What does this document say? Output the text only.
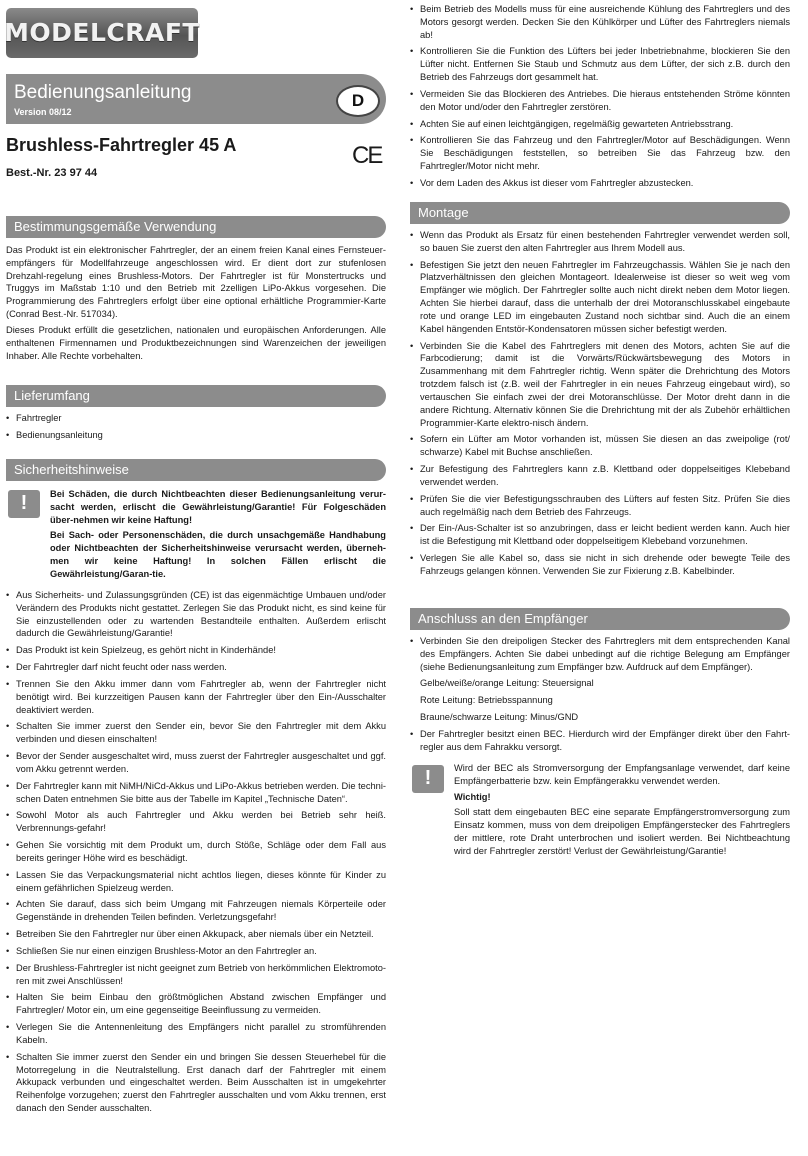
MODELCRAFT
Bedienungsanleitung
Version 08/12
D
Brushless-Fahrtregler 45 A	CE
Best.-Nr. 23 97 44
Bestimmungsgemäße Verwendung

Das Produkt ist ein elektronischer Fahrtregler, der an einem freien Kanal eines Fernsteuer-empfängers für Modellfahrzeuge angeschlossen wird. Er dient dort zur stufenlosen Drehzahl-regelung eines Brushless-Motors. Der Fahrtregler ist für Monstertrucks und Truggys im Maßstab 1:10 und den Betrieb mit 2zelligen LiPo-Akkus vorgesehen. Die Programmierung des Fahrtreglers erfolgt über eine optional erhältliche Programmier-Karte (Conrad Best.-Nr. 517034).

Dieses Produkt erfüllt die gesetzlichen, nationalen und europäischen Anforderungen. Alle enthaltenen Firmennamen und Produktbezeichnungen sind Warenzeichen der jeweiligen Inhaber. Alle Rechte vorbehalten.

Lieferumfang
• Fahrtregler
• Bedienungsanleitung
Sicherheitshinweise
!	Bei Schäden, die durch Nichtbeachten dieser Bedienungsanleitung verur-sacht werden, erlischt die Gewährleistung/Garantie! Für Folgeschäden über-nehmen wir keine Haftung!

Bei Sach- oder Personenschäden, die durch unsachgemäße Handhabung oder Nichtbeachten der Sicherheitshinweise verursacht werden, überneh-men wir keine Haftung! In solchen Fällen erlischt die Gewährleistung/Garan-tie.

• Aus Sicherheits- und Zulassungsgründen (CE) ist das eigenmächtige Umbauen und/oder Verändern des Produkts nicht gestattet. Zerlegen Sie das Produkt nicht, es sind keine für Sie einzustellenden oder zu wartenden Bestandteile enthalten. Außerdem erlischt dadurch die Gewährleistung/Garantie!
• Das Produkt ist kein Spielzeug, es gehört nicht in Kinderhände!
• Der Fahrtregler darf nicht feucht oder nass werden.
• Trennen Sie den Akku immer dann vom Fahrtregler ab, wenn der Fahrtregler nicht benötigt wird. Bei kurzzeitigen Pausen kann der Fahrtregler über den Ein-/Ausschalter deaktiviert werden.
• Schalten Sie immer zuerst den Sender ein, bevor Sie den Fahrtregler mit dem Akku verbinden und diesen einschalten!
• Bevor der Sender ausgeschaltet wird, muss zuerst der Fahrtregler ausgeschaltet und ggf. vom Akku getrennt werden.
• Der Fahrtregler kann mit NiMH/NiCd-Akkus und LiPo-Akkus betrieben werden. Die techni-schen Daten entnehmen Sie bitte aus der Tabelle im Kapitel „Technische Daten“.
• Sowohl Motor als auch Fahrtregler und Akku werden bei Betrieb sehr heiß. Verbrennungs-gefahr!
• Gehen Sie vorsichtig mit dem Produkt um, durch Stöße, Schläge oder dem Fall aus bereits geringer Höhe wird es beschädigt.
• Lassen Sie das Verpackungsmaterial nicht achtlos liegen, dieses könnte für Kinder zu einem gefährlichen Spielzeug werden.
• Achten Sie darauf, dass sich beim Umgang mit Fahrzeugen niemals Körperteile oder Gegenstände in drehenden Teilen befinden. Verletzungsgefahr!
• Betreiben Sie den Fahrtregler nur über einen Akkupack, aber niemals über ein Netzteil.
• Schließen Sie nur einen einzigen Brushless-Motor an den Fahrtregler an.
• Der Brushless-Fahrtregler ist nicht geeignet zum Betrieb von herkömmlichen Elektromoto-ren mit zwei Anschlüssen!
• Halten Sie beim Einbau den größtmöglichen Abstand zwischen Empfänger und Fahrtregler/ Motor ein, um eine gegenseitige Beeinflussung zu vermeiden.
• Verlegen Sie die Antennenleitung des Empfängers nicht parallel zu stromführenden Kabeln.
• Schalten Sie immer zuerst den Sender ein und bringen Sie dessen Steuerhebel für die Motorregelung in die Neutralstellung. Erst danach darf der Fahrtregler mit einem Akkupack verbunden und eingeschaltet werden. Beim Ausschalten ist in umgekehrter Reihenfolge vorzugehen; zuerst den Fahrtregler ausschalten und vom Akku trennen, erst danach den Sender ausschalten.
• Beim Betrieb des Modells muss für eine ausreichende Kühlung des Fahrtreglers und des Motors gesorgt werden. Decken Sie den Kühlkörper und Lüfter des Fahrtreglers niemals ab!
• Kontrollieren Sie die Funktion des Lüfters bei jeder Inbetriebnahme, blockieren Sie den Lüfter nicht. Entfernen Sie Staub und Schmutz aus dem Lüfter, der sich z.B. durch den Betrieb des Fahrzeugs dort gesammelt hat.
• Vermeiden Sie das Blockieren des Antriebes. Die hieraus entstehenden Ströme könnten den Motor und/oder den Fahrtregler zerstören.
• Achten Sie auf einen leichtgängigen, regelmäßig gewarteten Antriebsstrang.
• Kontrollieren Sie das Fahrzeug und den Fahrtregler/Motor auf Beschädigungen. Wenn Sie Beschädigungen feststellen, so betreiben Sie das Fahrzeug bzw. den Fahrtregler/Motor nicht mehr.
• Vor dem Laden des Akkus ist dieser vom Fahrtregler abzustecken.
Montage
• Wenn das Produkt als Ersatz für einen bestehenden Fahrtregler verwendet werden soll, so bauen Sie zuerst den alten Fahrtregler aus Ihrem Modell aus.
• Befestigen Sie jetzt den neuen Fahrtregler im Fahrzeugchassis. Wählen Sie je nach den Platzverhältnissen den gleichen Montageort. Idealerweise ist dieser so weit weg vom Empfänger wie möglich. Der Fahrtregler sollte auch nicht direkt neben dem Motor liegen. Achten Sie hierbei darauf, dass die unterhalb der drei Motoranschlusskabel eingebaute rote und orange LED im eingebauten Zustand noch sichtbar sind. Auch die an einem Kabel hängenden Entstör-Kondensatoren müssen sicher befestigt werden.
• Verbinden Sie die Kabel des Fahrtreglers mit denen des Motors, achten Sie auf die Farbcodierung; damit ist die Vorwärts/Rückwärtsbewegung des Motors in Zusammenhang mit dem Fahrtregler richtig. Wenn später die Drehrichtung des Motors trotzdem falsch ist (z.B. weil der Fahrtregler in ein neues Fahrzeug eingebaut wird), so vertauschen Sie einfach zwei der drei Motoranschlüsse. Der Motor dreht dann in die andere Richtung. Alternativ können Sie die Drehrichtung mit der als Zubehör erhältlichen Programmier-Karte elektro-nisch ändern.
• Sofern ein Lüfter am Motor vorhanden ist, müssen Sie diesen an das zweipolige (rot/ schwarze) Kabel mit Buchse anschließen.
• Zur Befestigung des Fahrtreglers kann z.B. Klettband oder doppelseitiges Klebeband verwendet werden.
• Prüfen Sie die vier Befestigungsschrauben des Lüfters auf festen Sitz. Prüfen Sie dies auch regelmäßig nach dem Betrieb des Fahrzeugs.
• Der Ein-/Aus-Schalter ist so anzubringen, dass er leicht bedient werden kann. Auch hier ist die Befestigung mit Klettband oder doppelseitigem Klebeband vorzunehmen.
• Verlegen Sie alle Kabel so, dass sie nicht in sich drehende oder bewegte Teile des Fahrzeugs gelangen können. Verwenden Sie zur Fixierung z.B. Kabelbinder.
Anschluss an den Empfänger
• Verbinden Sie den dreipoligen Stecker des Fahrtreglers mit dem entsprechenden Kanal des Empfängers. Achten Sie dabei unbedingt auf die richtige Belegung am Empfänger (siehe Bedienungsanleitung zum Empfänger bzw. Aufdruck auf dem Empfänger).

Gelbe/weiße/orange Leitung: Steuersignal

Rote Leitung: Betriebsspannung

Braune/schwarze Leitung: Minus/GND

• Der Fahrtregler besitzt einen BEC. Hierdurch wird der Empfänger direkt über den Fahrt-regler aus dem Fahrakku versorgt.
!	Wird der BEC als Stromversorgung der Empfangsanlage verwendet, darf keine Empfängerbatterie bzw. kein Empfängerakku verwendet werden.

Wichtig!

Soll statt dem eingebauten BEC eine separate Empfängerstromversorgung zum Einsatz kommen, muss von dem dreipoligen Empfängerstecker des Fahrtreglers der mittlere, rote Draht unterbrochen und isoliert werden. Bei Nichtbeachtung wird der Fahrtregler zerstört! Verlust der Gewährleistung/Garantie!
